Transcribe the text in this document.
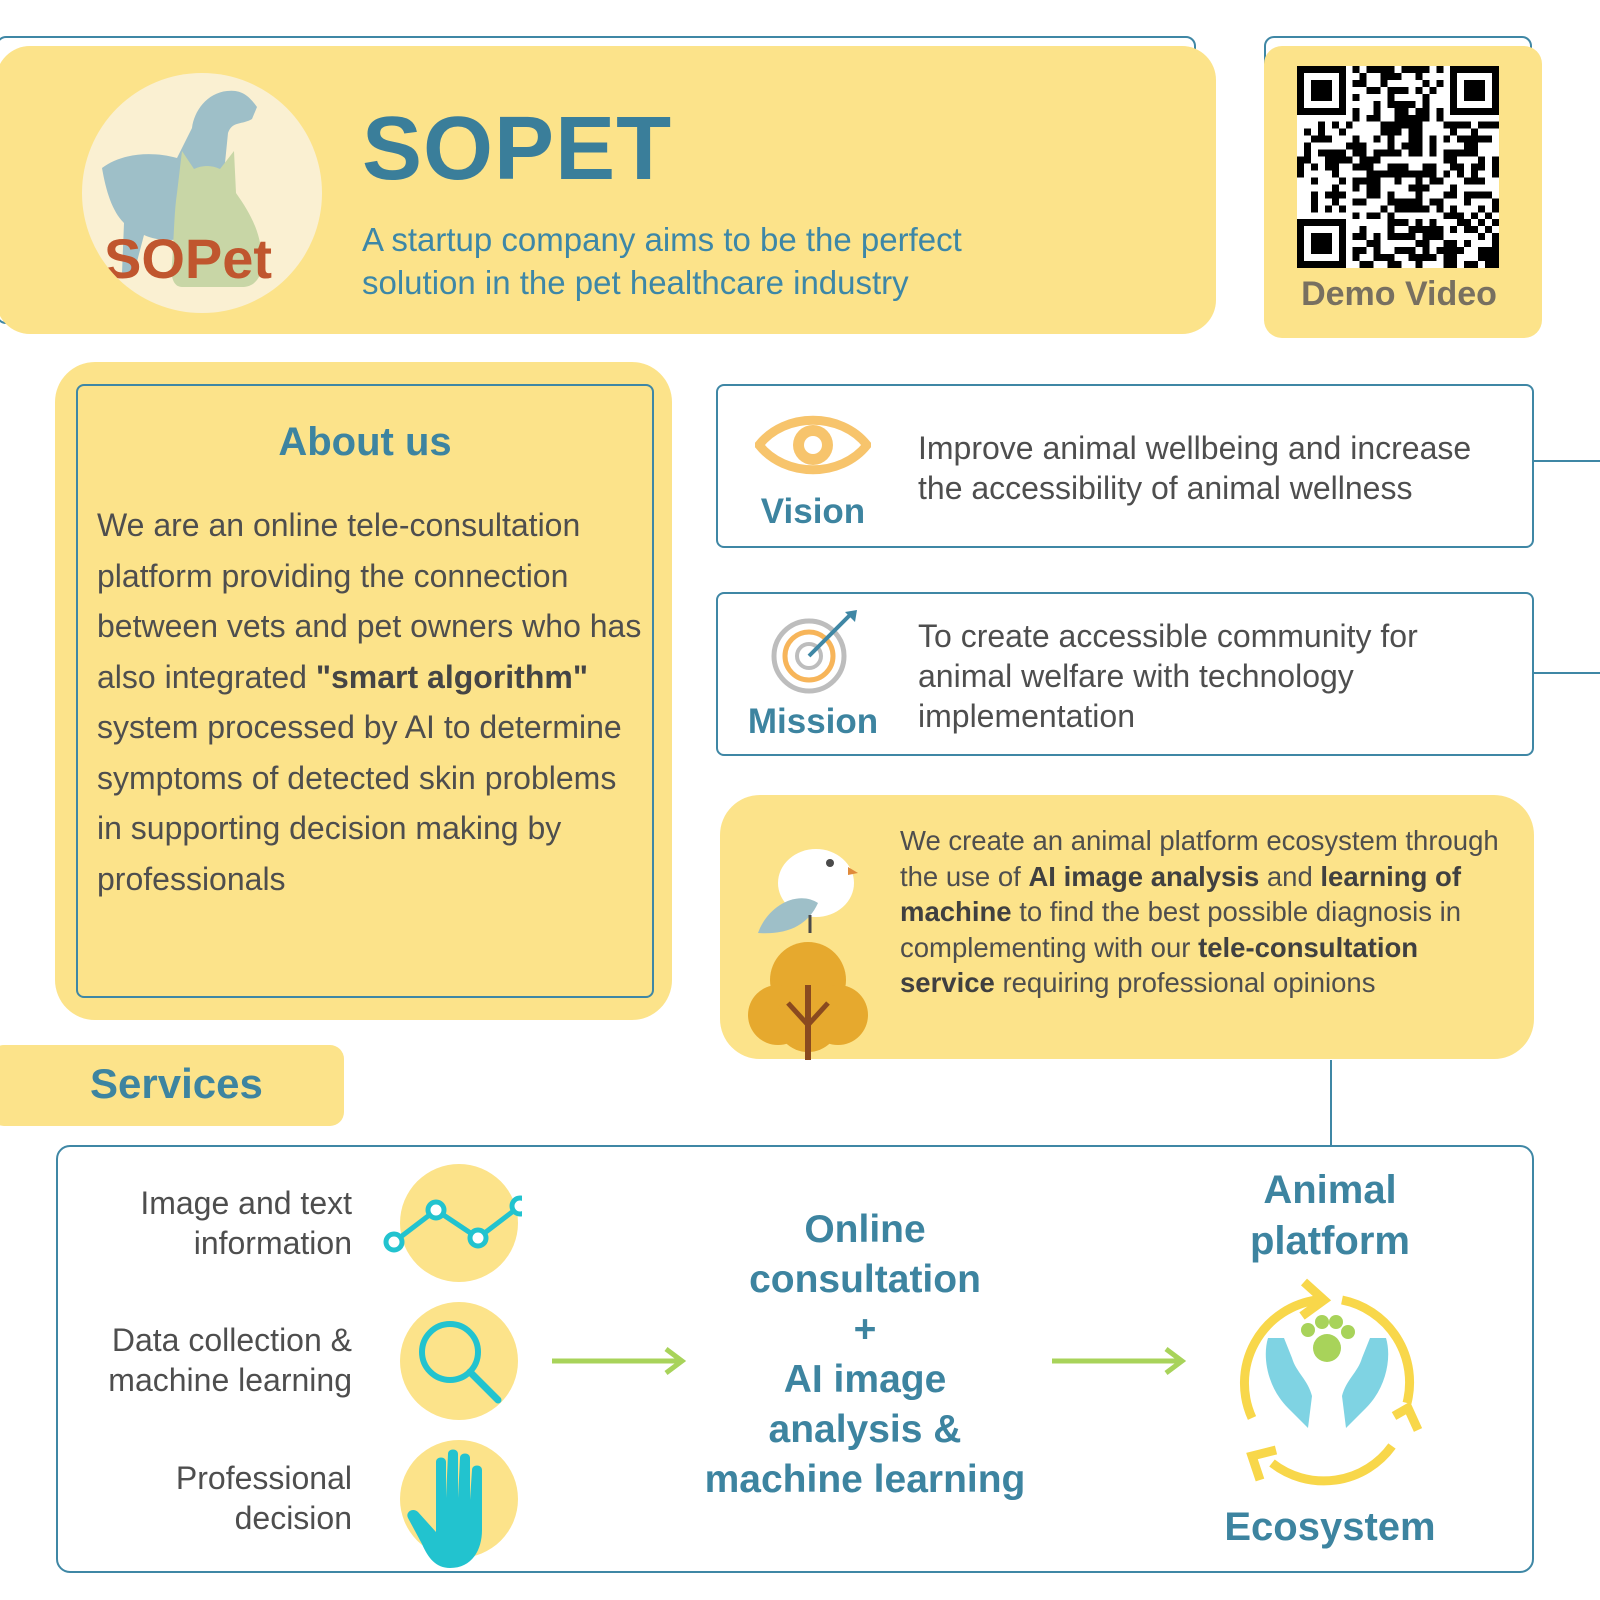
SOPet
SOPET
A startup company aims to be the perfect
solution in the pet healthcare industry	Demo Video
About us
We are an online tele-consultation platform providing the connection between vets and pet owners who has also integrated "smart algorithm" system processed by AI to determine symptoms of detected skin problems in supporting decision making by professionals
Vision
Improve animal wellbeing and increase
the accessibility of animal wellness
Mission
To create accessible community for
animal welfare with technology
implementation
We create an animal platform ecosystem through the use of AI image analysis and learning of machine to find the best possible diagnosis in complementing with our tele-consultation service requiring professional opinions
Services
Image and text
information
Data collection &
machine learning
Professional
decision
Online
consultation
+
AI image
analysis &
machine learning
Animal
platform
Ecosystem
